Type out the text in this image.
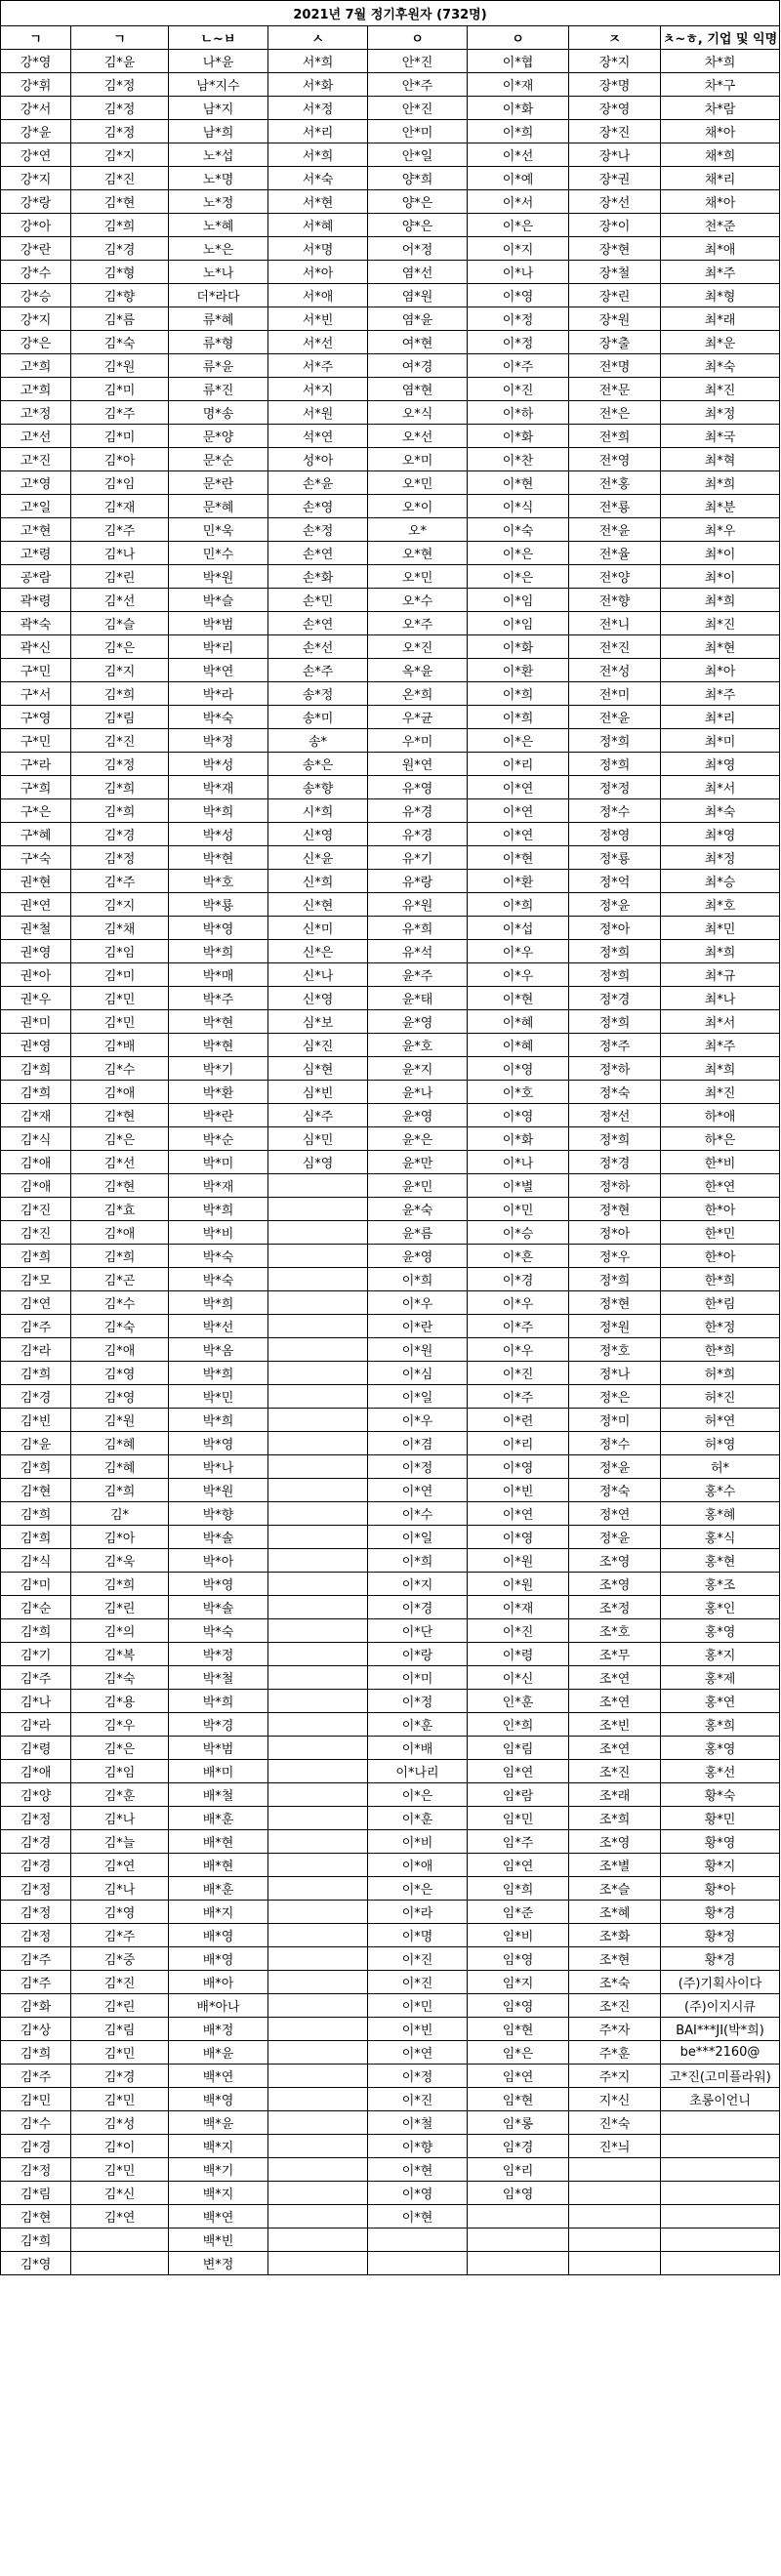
2021년 7월 정기후원자 (732명)							
ㄱ	ㄱ	ㄴ~ㅂ	ㅅ	ㅇ	ㅇ	ㅈ	ㅊ~ㅎ, 기업 및 익명
강*영	김*윤	나*윤	서*희	안*진	이*협	장*지	차*희
강*휘	김*정	남*지수	서*화	안*주	이*재	장*명	차*구
강*서	김*정	남*지	서*정	안*진	이*화	장*영	차*람
강*윤	김*정	남*희	서*리	안*미	이*희	장*진	채*아
강*연	김*지	노*섭	서*희	안*일	이*선	장*나	채*희
강*지	김*진	노*명	서*숙	양*희	이*예	장*권	채*리
강*랑	김*현	노*정	서*현	양*은	이*서	장*선	채*아
강*아	김*희	노*혜	서*혜	양*은	이*은	장*이	천*준
강*란	김*경	노*은	서*명	어*정	이*지	장*현	최*애
강*수	김*형	노*나	서*아	염*선	이*나	장*철	최*주
강*승	김*향	더*라다	서*애	염*원	이*영	장*린	최*형
강*지	김*름	류*혜	서*빈	염*윤	이*정	장*원	최*래
강*은	김*숙	류*형	서*선	여*현	이*정	장*출	최*운
고*희	김*원	류*윤	서*주	여*경	이*주	전*명	최*숙
고*희	김*미	류*진	서*지	염*현	이*진	전*문	최*진
고*정	김*주	명*송	서*원	오*식	이*하	전*은	최*정
고*선	김*미	문*양	석*연	오*선	이*화	전*희	최*국
고*진	김*아	문*순	성*아	오*미	이*찬	전*영	최*혁
고*영	김*임	문*란	손*윤	오*민	이*현	전*홍	최*희
고*일	김*재	문*혜	손*영	오*이	이*식	전*룡	최*분
고*현	김*주	민*욱	손*정	오*	이*숙	전*윤	최*우
고*령	김*나	민*수	손*연	오*현	이*은	전*율	최*이
공*람	김*린	박*원	손*화	오*민	이*은	전*양	최*이
곽*령	김*선	박*슬	손*민	오*수	이*임	전*향	최*희
곽*숙	김*슬	박*범	손*연	오*주	이*임	전*니	최*진
곽*신	김*은	박*리	손*선	오*진	이*화	전*진	최*현
구*민	김*지	박*연	손*주	옥*윤	이*환	전*성	최*아
구*서	김*희	박*라	송*정	온*희	이*희	전*미	최*주
구*영	김*림	박*숙	송*미	우*균	이*희	전*윤	최*리
구*민	김*진	박*정	송*	우*미	이*은	정*희	최*미
구*라	김*정	박*성	송*은	원*연	이*리	정*희	최*영
구*희	김*희	박*재	송*향	유*영	이*연	정*정	최*서
구*은	김*희	박*희	시*희	유*경	이*연	정*수	최*숙
구*혜	김*경	박*성	신*영	유*경	이*연	정*영	최*영
구*숙	김*정	박*현	신*윤	유*기	이*현	정*룡	최*정
권*현	김*주	박*호	신*희	유*랑	이*환	정*억	최*승
권*연	김*지	박*룡	신*현	유*원	이*희	정*윤	최*호
권*철	김*채	박*영	신*미	유*희	이*섭	정*아	최*민
권*영	김*임	박*희	신*은	유*석	이*우	정*희	최*희
권*아	김*미	박*매	신*나	윤*주	이*우	정*희	최*규
권*우	김*민	박*주	신*영	윤*태	이*현	정*경	최*나
권*미	김*민	박*현	심*보	윤*영	이*혜	정*희	최*서
권*영	김*배	박*현	심*진	윤*호	이*혜	정*주	최*주
김*희	김*수	박*기	심*현	윤*지	이*영	정*하	최*희
김*희	김*애	박*환	심*빈	윤*나	이*호	정*숙	최*진
김*재	김*현	박*란	심*주	윤*영	이*영	정*선	하*애
김*식	김*은	박*순	심*민	윤*은	이*화	정*희	하*은
김*애	김*선	박*미	심*영	윤*만	이*나	정*경	한*비
김*애	김*현	박*재		윤*민	이*별	정*하	한*연
김*진	김*효	박*희		윤*숙	이*민	정*현	한*아
김*진	김*애	박*비		윤*름	이*승	정*아	한*민
김*희	김*희	박*숙		윤*영	이*흔	정*우	한*아
김*모	김*곤	박*숙		이*희	이*경	정*희	한*희
김*연	김*수	박*희		이*우	이*우	정*현	한*림
김*주	김*숙	박*선		이*란	이*주	정*원	한*정
김*라	김*애	박*옴		이*원	이*우	정*호	한*희
김*희	김*영	박*희		이*심	이*진	정*나	허*희
김*경	김*영	박*민		이*일	이*주	정*은	허*진
김*빈	김*원	박*희		이*우	이*련	정*미	허*연
김*윤	김*혜	박*영		이*겸	이*리	정*수	허*영
김*희	김*혜	박*나		이*정	이*영	정*윤	허*
김*현	김*희	박*원		이*연	이*빈	정*숙	홍*수
김*희	김*	박*향		이*수	이*연	정*연	홍*혜
김*희	김*아	박*솔		이*일	이*영	정*윤	홍*식
김*식	김*욱	박*아		이*희	이*원	조*영	홍*현
김*미	김*희	박*영		이*지	이*원	조*영	홍*조
김*순	김*린	박*솔		이*경	이*재	조*정	홍*인
김*희	김*의	박*숙		이*단	이*진	조*호	홍*영
김*기	김*복	박*정		이*랑	이*령	조*무	홍*지
김*주	김*숙	박*철		이*미	이*신	조*연	홍*제
김*나	김*용	박*희		이*정	인*훈	조*연	홍*연
김*라	김*우	박*경		이*훈	인*희	조*빈	홍*희
김*령	김*은	박*범		이*배	임*림	조*연	홍*영
김*애	김*임	배*미		이*나리	임*연	조*진	홍*선
김*양	김*훈	배*철		이*은	임*람	조*래	황*숙
김*정	김*나	배*훈		이*훈	임*민	조*희	황*민
김*경	김*늘	배*현		이*비	임*주	조*영	황*영
김*경	김*연	배*현		이*애	임*연	조*별	황*지
김*정	김*나	배*훈		이*은	임*희	조*슬	황*아
김*정	김*영	배*지		이*라	임*준	조*혜	황*경
김*정	김*주	배*영		이*명	임*비	조*화	황*정
김*주	김*중	배*영		이*진	임*영	조*현	황*경
김*주	김*진	배*아		이*진	임*지	조*숙	(주)기획사이다
김*화	김*린	배*아나		이*민	임*영	조*진	(주)이지시큐
김*상	김*림	배*정		이*빈	임*현	주*자	BAI***JI(박*희)
김*희	김*민	배*윤		이*연	임*은	주*훈	be***2160@
김*주	김*경	백*연		이*정	임*연	주*지	고*진(고미플라워)
김*민	김*민	백*영		이*진	임*현	지*신	초롱이언니
김*수	김*성	백*윤		이*철	임*롱	진*숙	
김*경	김*이	백*지		이*향	임*경	진*늬	
김*정	김*민	백*기		이*현	임*리		
김*림	김*신	백*지		이*영	임*영		
김*현	김*연	백*연		이*현			
김*희		백*빈					
김*영		변*정					
